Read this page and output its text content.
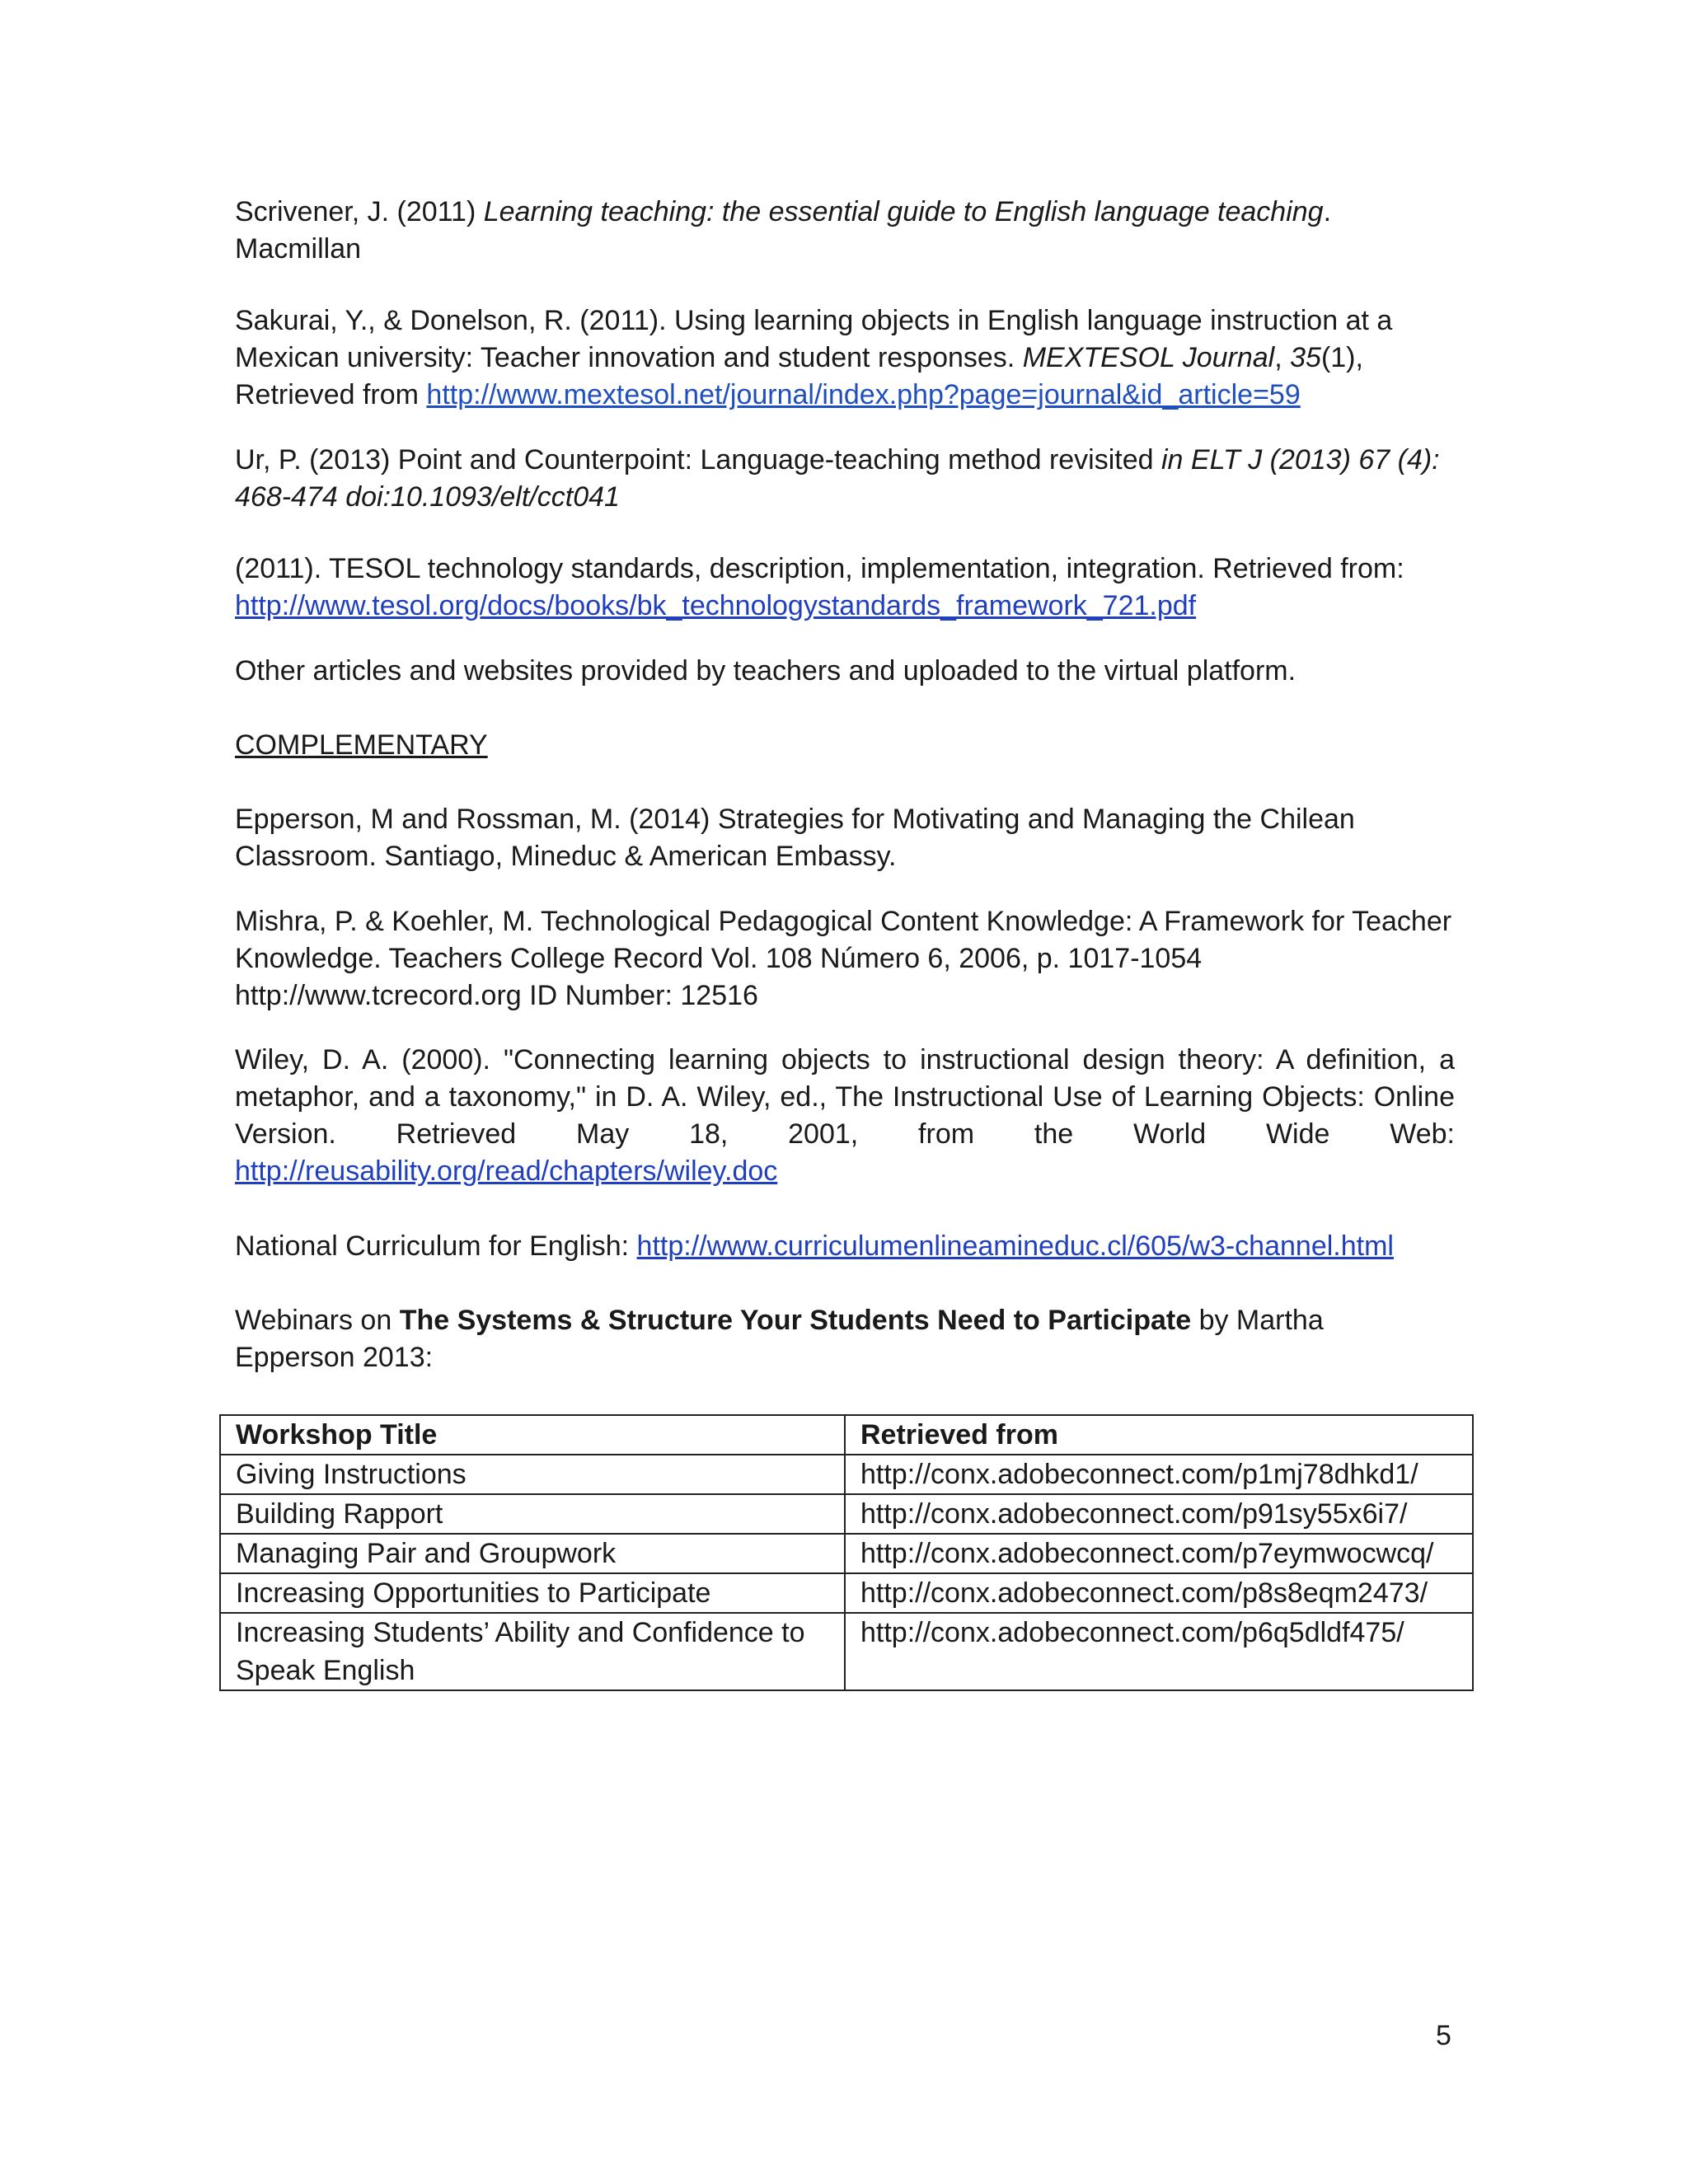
Scrivener, J. (2011) Learning teaching: the essential guide to English language teaching.
Macmillan

Sakurai, Y., & Donelson, R. (2011). Using learning objects in English language instruction at a Mexican university: Teacher innovation and student responses. MEXTESOL Journal, 35(1),
Retrieved from http://www.mextesol.net/journal/index.php?page=journal&id_article=59

Ur, P. (2013) Point and Counterpoint: Language-teaching method revisited in ELT J (2013) 67 (4): 468-474 doi:10.1093/elt/cct041

(2011). TESOL technology standards, description, implementation, integration. Retrieved from:
http://www.tesol.org/docs/books/bk_technologystandards_framework_721.pdf

Other articles and websites provided by teachers and uploaded to the virtual platform.

COMPLEMENTARY

Epperson, M and Rossman, M. (2014) Strategies for Motivating and Managing the Chilean Classroom. Santiago, Mineduc & American Embassy.

Mishra, P. & Koehler, M. Technological Pedagogical Content Knowledge: A Framework for Teacher Knowledge. Teachers College Record Vol. 108 Número 6, 2006, p. 1017-1054
http://www.tcrecord.org ID Number: 12516

Wiley, D. A. (2000). "Connecting learning objects to instructional design theory: A definition, a metaphor, and a taxonomy," in D. A. Wiley, ed., The Instructional Use of Learning Objects: Online Version. Retrieved May 18, 2001, from the World Wide Web:

http://reusability.org/read/chapters/wiley.doc

National Curriculum for English: http://www.curriculumenlineamineduc.cl/605/w3-channel.html

Webinars on The Systems & Structure Your Students Need to Participate by Martha Epperson 2013:

Workshop Title	Retrieved from
Giving Instructions	http://conx.adobeconnect.com/p1mj78dhkd1/
Building Rapport	http://conx.adobeconnect.com/p91sy55x6i7/
Managing Pair and Groupwork	http://conx.adobeconnect.com/p7eymwocwcq/
Increasing Opportunities to Participate	http://conx.adobeconnect.com/p8s8eqm2473/
Increasing Students’ Ability and Confidence to Speak English	http://conx.adobeconnect.com/p6q5dldf475/
5
